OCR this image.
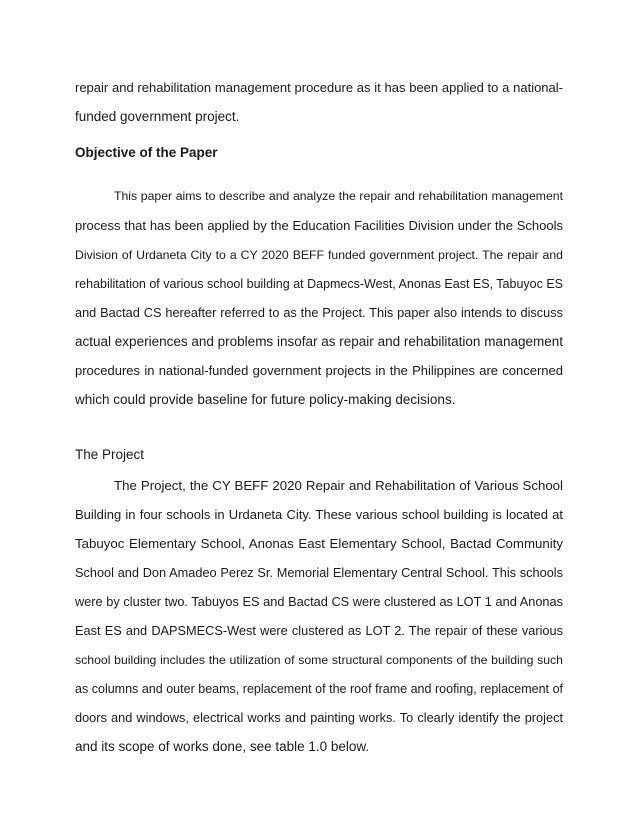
repair and rehabilitation management procedure as it has been applied to a national-
funded government project.
Objective of the Paper
This paper aims to describe and analyze the repair and rehabilitation management
process that has been applied by the Education Facilities Division under the Schools
Division of Urdaneta City to a CY 2020 BEFF funded government project. The repair and
rehabilitation of various school building at Dapmecs-West, Anonas East ES, Tabuyoc ES
and Bactad CS hereafter referred to as the Project. This paper also intends to discuss
actual experiences and problems insofar as repair and rehabilitation management
procedures in national-funded government projects in the Philippines are concerned
which could provide baseline for future policy-making decisions.
The Project
The Project, the CY BEFF 2020 Repair and Rehabilitation of Various School
Building in four schools in Urdaneta City. These various school building is located at
Tabuyoc Elementary School, Anonas East Elementary School, Bactad Community
School and Don Amadeo Perez Sr. Memorial Elementary Central School. This schools
were by cluster two. Tabuyos ES and Bactad CS were clustered as LOT 1 and Anonas
East ES and DAPSMECS-West were clustered as LOT 2. The repair of these various
school building includes the utilization of some structural components of the building such
as columns and outer beams, replacement of the roof frame and roofing, replacement of
doors and windows, electrical works and painting works. To clearly identify the project
and its scope of works done, see table 1.0 below.
